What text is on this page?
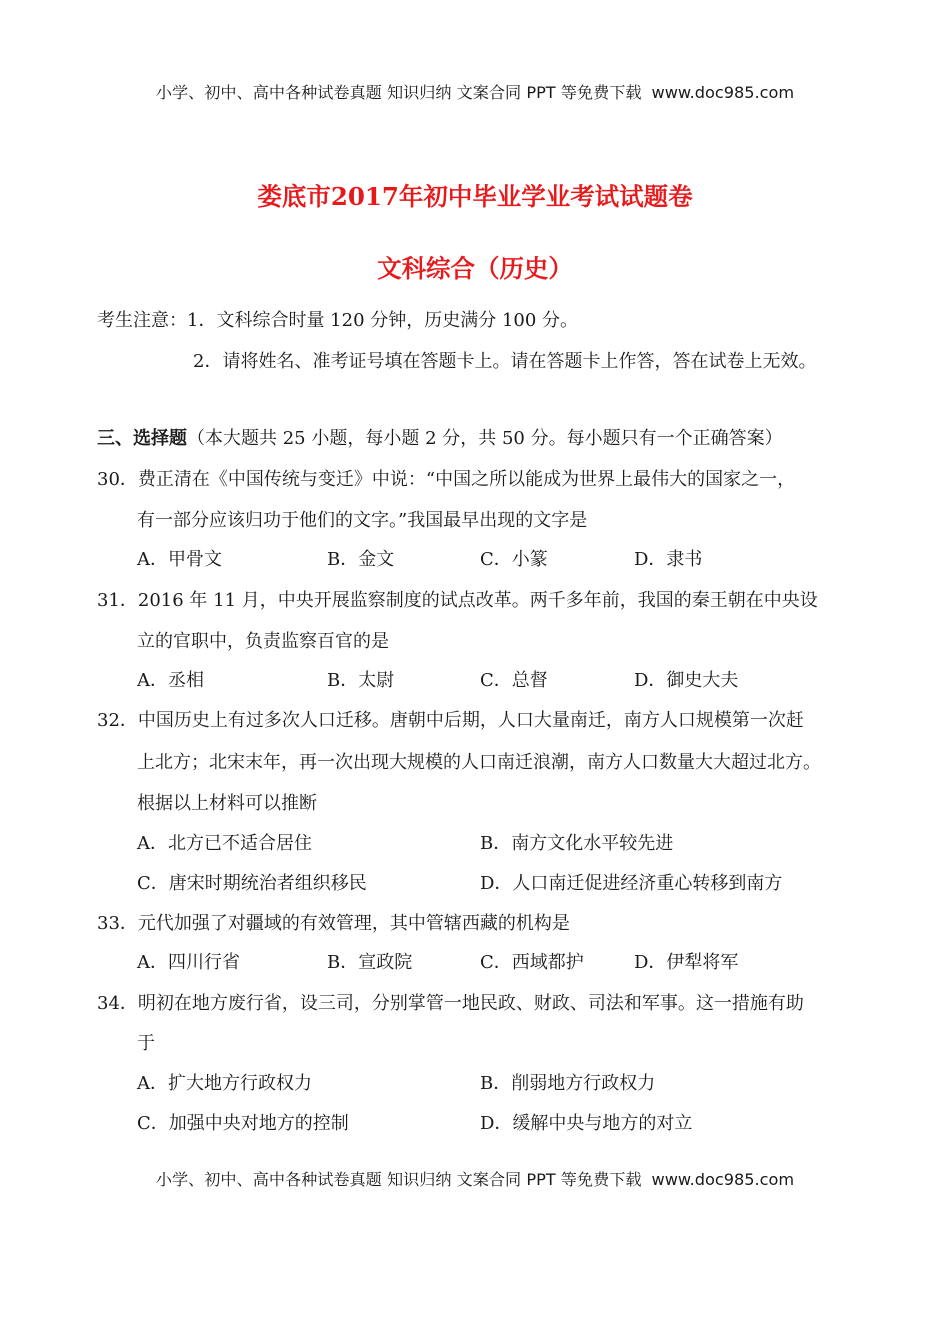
小学、初中、高中各种试卷真题 知识归纳 文案合同 PPT 等免费下载 www.doc985.com
娄底市2017年初中毕业学业考试试题卷
文科综合（历史）
考生注意：1．文科综合时量 120 分钟，历史满分 100 分。
2．请将姓名、准考证号填在答题卡上。请在答题卡上作答，答在试卷上无效。
三、选择题（本大题共 25 小题，每小题 2 分，共 50 分。每小题只有一个正确答案）
30．费正清在《中国传统与变迁》中说：“中国之所以能成为世界上最伟大的国家之一，
有一部分应该归功于他们的文字。”我国最早出现的文字是
A．甲骨文	B．金文	C．小篆	D．隶书
31．2016 年 11 月，中央开展监察制度的试点改革。两千多年前，我国的秦王朝在中央设
立的官职中，负责监察百官的是
A．丞相	B．太尉	C．总督	D．御史大夫
32．中国历史上有过多次人口迁移。唐朝中后期，人口大量南迁，南方人口规模第一次赶
上北方；北宋末年，再一次出现大规模的人口南迁浪潮，南方人口数量大大超过北方。
根据以上材料可以推断
A．北方已不适合居住	B．南方文化水平较先进
C．唐宋时期统治者组织移民	D．人口南迁促进经济重心转移到南方
33．元代加强了对疆域的有效管理，其中管辖西藏的机构是
A．四川行省	B．宣政院	C．西域都护	D．伊犁将军
34．明初在地方废行省，设三司，分别掌管一地民政、财政、司法和军事。这一措施有助
于
A．扩大地方行政权力	B．削弱地方行政权力
C．加强中央对地方的控制	D．缓解中央与地方的对立
小学、初中、高中各种试卷真题 知识归纳 文案合同 PPT 等免费下载 www.doc985.com
